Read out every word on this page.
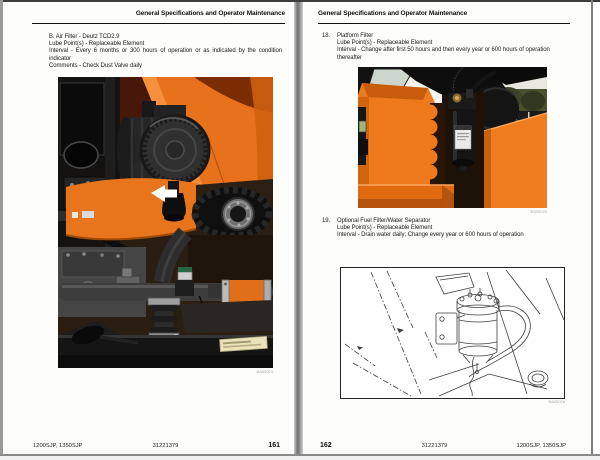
General Specifications and Operator Maintenance
B. Air Filter - Deutz TCD2.9
Lube Point(s) - Replaceable Element
Interval - Every 6 months or 300 hours of operation or as indicated by the condition indicator
Comments - Check Dust Valve daily
BA05024
1200SJP, 1350SJP	31221379	161
General Specifications and Operator Maintenance
18.	Platform Filter
Lube Point(s) - Replaceable Element
Interval - Change after first 50 hours and then every year or 600 hours of operation thereafter
BA05025
19.	Optional Fuel Filter/Water Separator
Lube Point(s) - Replaceable Element
Interval - Drain water daily; Change every year or 600 hours of operation
BA05026
162	31221379	1200SJP, 1350SJP
